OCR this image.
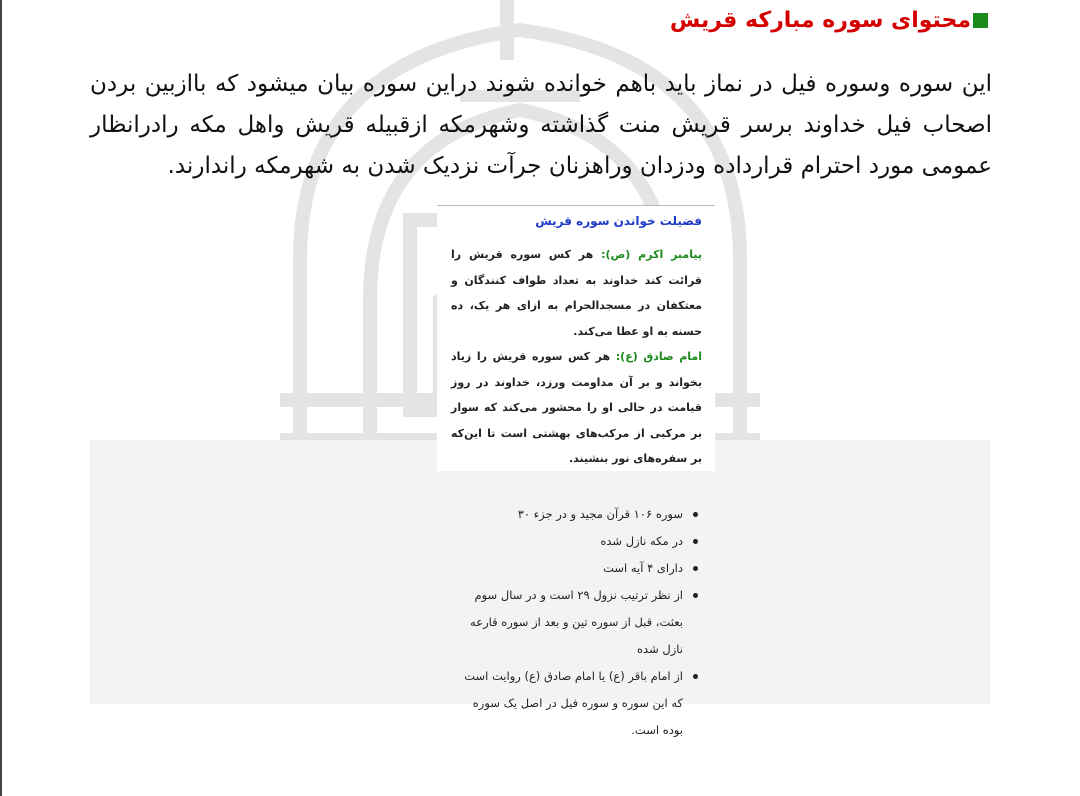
محتوای سوره مبارکه قریش

این سوره وسوره فیل در نماز باید باهم خوانده شوند دراین سوره بیان میشود که باازبین بردن اصحاب فیل خداوند برسر قریش منت گذاشته وشهرمکه ازقبیله قریش واهل مکه رادرانظار عمومی مورد احترام قرارداده ودزدان وراهزنان جرآت نزدیک شدن به شهرمکه راندارند.

فضیلت خواندن سوره قریش

پیامبر اکرم (ص): هر کس سوره قریش را قرائت کند خداوند به تعداد طواف کنندگان و معتکفان در مسجدالحرام به ازای هر یک، ده حسنه به او عطا می‌کند.

امام صادق (ع): هر کس سوره قریش را زیاد بخواند و بر آن مداومت ورزد، خداوند در روز قیامت در حالی او را محشور می‌کند که سوار بر مرکبی از مرکب‌های بهشتی است تا این‌که بر سفره‌های نور بنشیند.

سوره ۱۰۶ قرآن مجید و در جزء ۳۰
در مکه نازل شده
دارای ۴ آیه است
از نظر ترتیب نزول ۲۹ است و در سال سوم بعثت، قبل از سوره تین و بعد از سوره قارعه نازل شده
از امام باقر (ع) یا امام صادق (ع) روایت است که این سوره و سوره فیل در اصل یک سوره بوده است.
